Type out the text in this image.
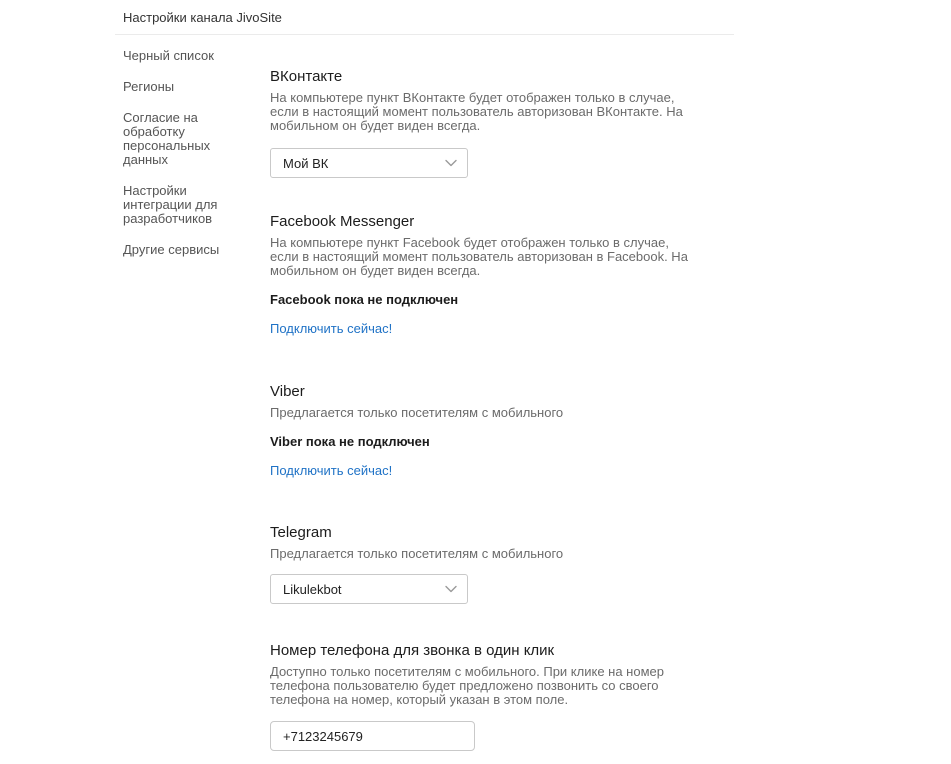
Настройки канала JivoSite
Черный список
Регионы
Согласие на обработку персональных данных
Настройки интеграции для разработчиков
Другие сервисы
ВКонтакте
На компьютере пункт ВКонтакте будет отображен только в случае, если в настоящий момент пользователь авторизован ВКонтакте. На мобильном он будет виден всегда.
Мой ВК
Facebook Messenger
На компьютере пункт Facebook будет отображен только в случае, если в настоящий момент пользователь авторизован в Facebook. На мобильном он будет виден всегда.
Facebook пока не подключен
Подключить сейчас!
Viber
Предлагается только посетителям с мобильного
Viber пока не подключен
Подключить сейчас!
Telegram
Предлагается только посетителям с мобильного
Likulekbot
Номер телефона для звонка в один клик
Доступно только посетителям с мобильного. При клике на номер телефона пользователю будет предложено позвонить со своего телефона на номер, который указан в этом поле.
+7123245679
